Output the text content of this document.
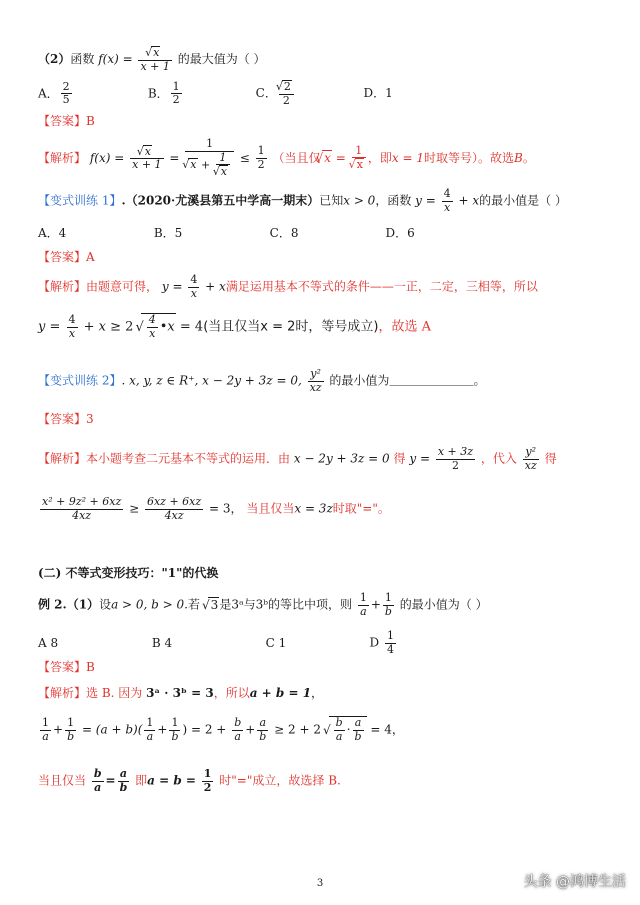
（2）函数 f(x) = √ $\frac{x}{x + 1}$ 的最大值为（ ）
A． $\frac{2}{5}$	B． $\frac{1}{2}$	C． √ $\frac{2}{2}$	D．1
【答案】B
【解析】 f(x) = √ $\frac{x}{x + 1} = 1$
√ x + 1
√ $x \le \frac{1}{2}$ （当且仅 √ x = 1
√ x ，即x = 1时取等号）。故选B。
【变式训练 1】.（2020·尤溪县第五中学高一期末）已知x > 0，函数 $y = \frac{4}{x} + x$的最小值是（ ）
A．4	B．5	C．8	D．6
【答案】A
【解析】由题意可得， $y = \frac{4}{x} + x$满足运用基本不等式的条件——一正，二定，三相等，所以
$y = \frac{4}{x} + x \ge 2$ √ $\frac{4}{x}$ •x = 4(当且仅当x = 2时，等号成立)，故选 A
【变式训练 2】. x, y, z ∈ R⁺, x − 2y + 3z = 0, $\frac{\text{y²}}{xz}$ 的最小值为＿＿＿＿＿＿＿。
【答案】3
【解析】本小题考查二元基本不等式的运用．由 x − 2y + 3z = 0 得 $y = \frac{x + 3z}{2}$ ，代入 $\frac{\text{y²}}{xz}$ 得
$\frac{\text{x² + 9z² + 6xz}}{4xz} \ge \frac{6xz + 6xz}{4xz} = 3$， 当且仅当x = 3z时取"="。
(二) 不等式变形技巧："1"的代换
例 2.（1）设a > 0, b > 0.若 √ 3是3ᵃ与3ᵇ的等比中项，则 $\frac{1}{a} + \frac{1}{b}$ 的最小值为（ ）
A 8	B 4	C 1	D $\frac{1}{4}$
【答案】B
【解析】选 B. 因为 3ᵃ · 3ᵇ = 3，所以a + b = 1，
$\frac{1}{a} + \frac{1}{b} = (a + b)( \frac{1}{a} + \frac{1}{b}$ ) = $2 + \frac{b}{a} + \frac{a}{b} \ge 2 + 2$ √ $\frac{b}{a} \cdot \frac{a}{b} = 4$，
当且仅当 $\frac{b}{a} = \frac{a}{b}$ 即$a = b = \frac{1}{2}$ 时"="成立，故选择 B.
3	头条 @鸿博生活
